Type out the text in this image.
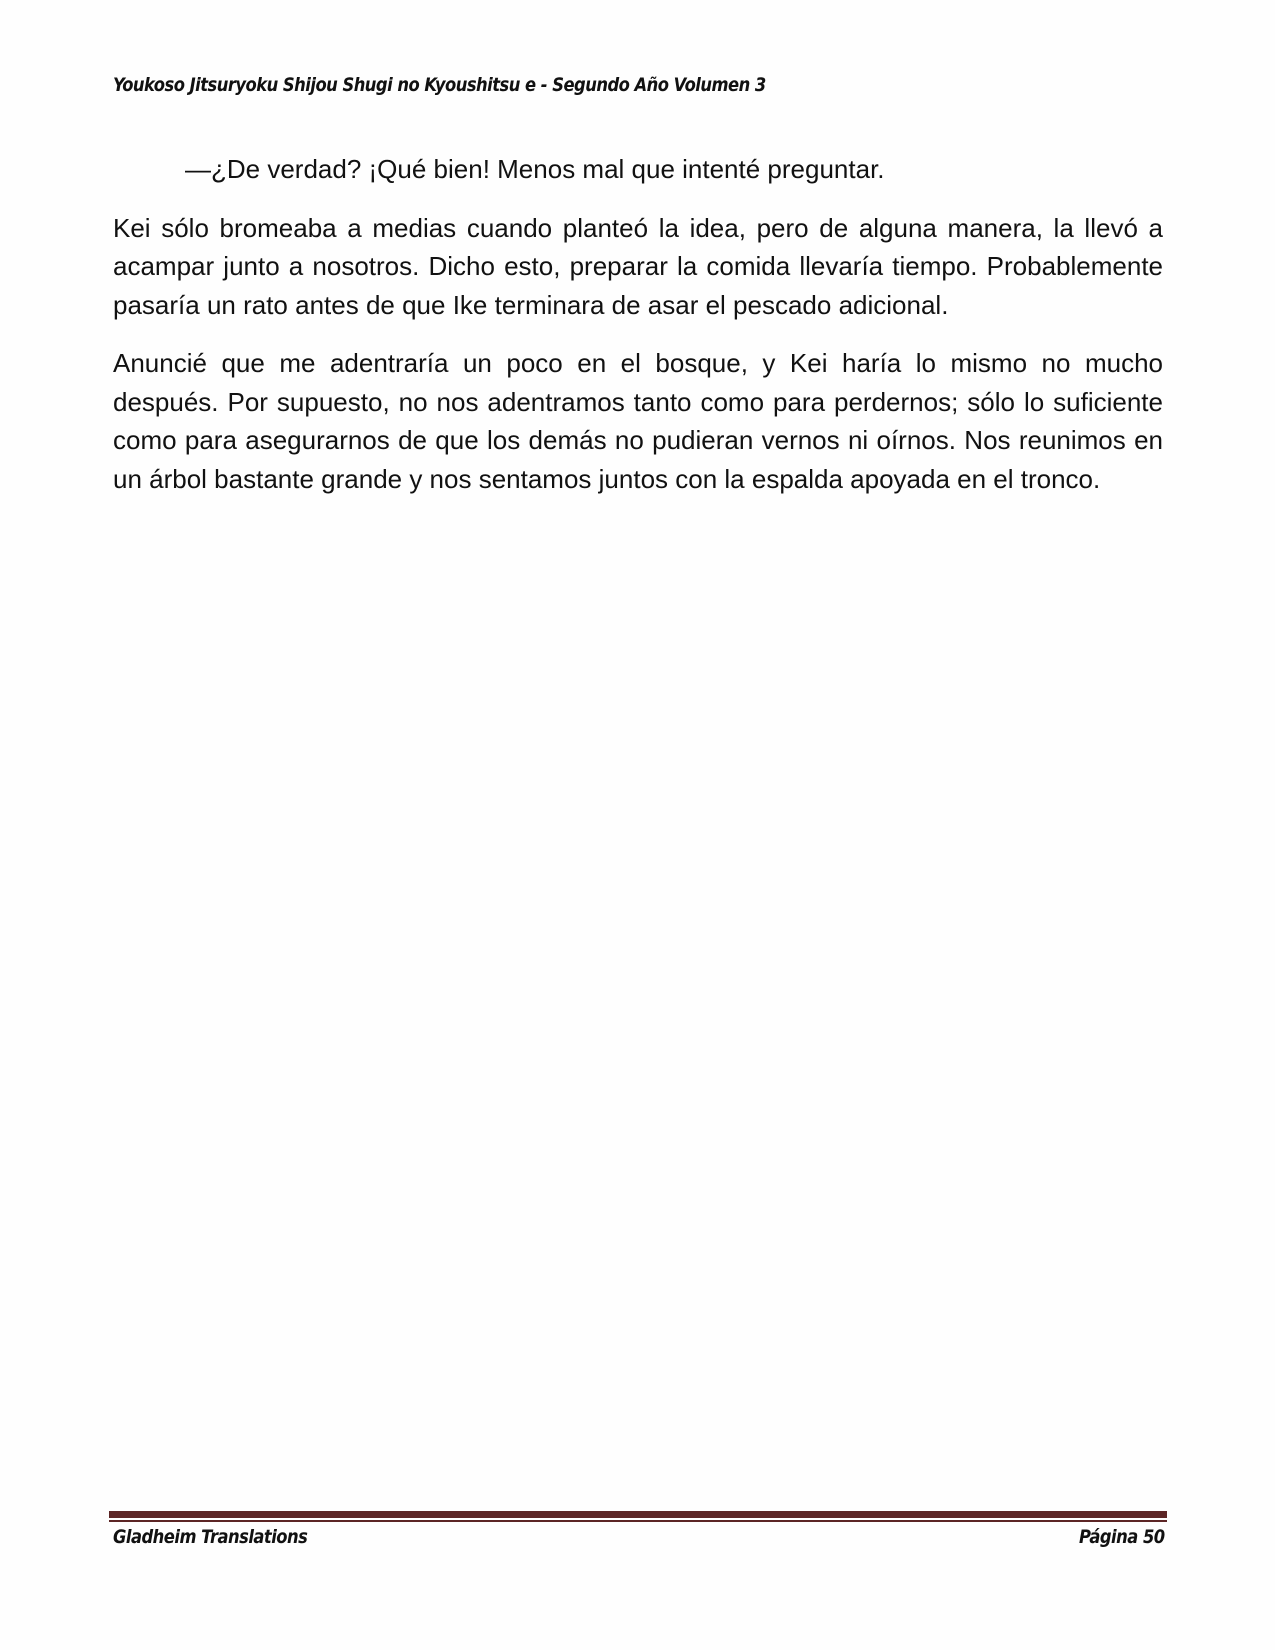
Youkoso Jitsuryoku Shijou Shugi no Kyoushitsu e - Segundo Año Volumen 3

—¿De verdad? ¡Qué bien! Menos mal que intenté preguntar.

Kei sólo bromeaba a medias cuando planteó la idea, pero de alguna manera, la llevó a acampar junto a nosotros. Dicho esto, preparar la comida llevaría tiempo. Probablemente pasaría un rato antes de que Ike terminara de asar el pescado adicional.

Anuncié que me adentraría un poco en el bosque, y Kei haría lo mismo no mucho después. Por supuesto, no nos adentramos tanto como para perdernos; sólo lo suficiente como para asegurarnos de que los demás no pudieran vernos ni oírnos. Nos reunimos en un árbol bastante grande y nos sentamos juntos con la espalda apoyada en el tronco.

Gladheim Translations	Página 50
